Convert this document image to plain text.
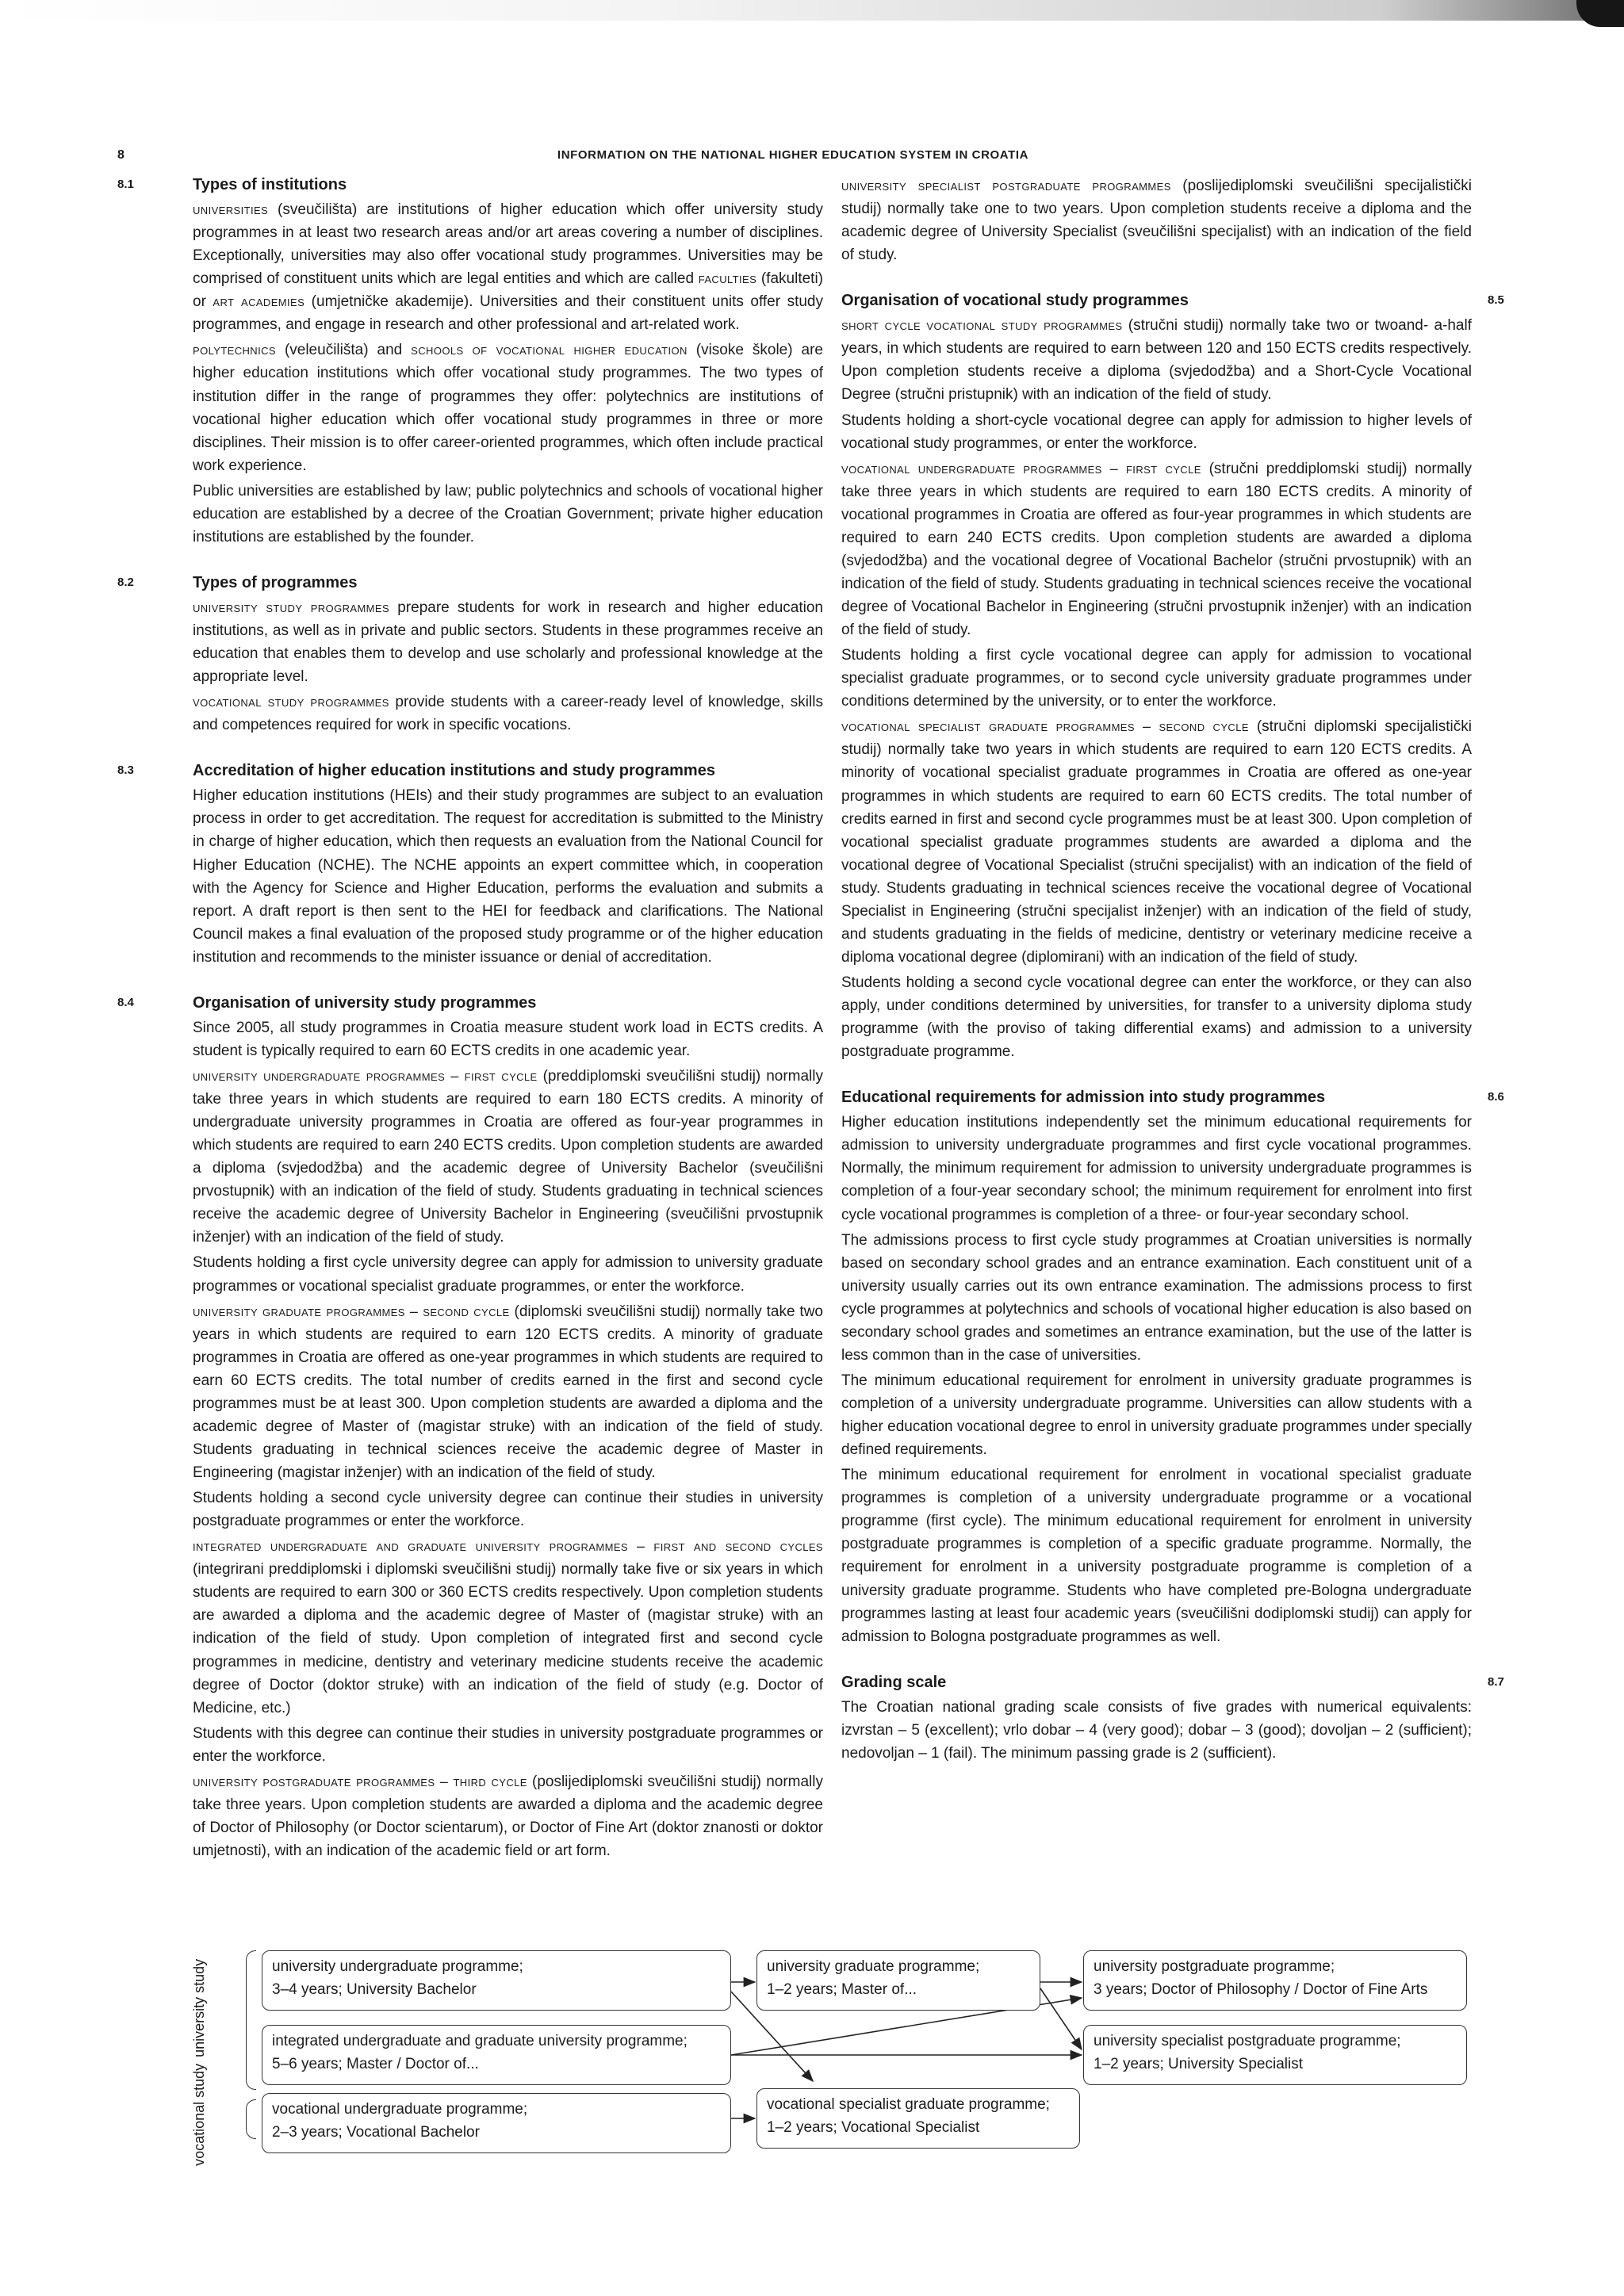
8	INFORMATION ON THE NATIONAL HIGHER EDUCATION SYSTEM IN CROATIA
8.1	Types of institutions

universities (sveučilišta) are institutions of higher education which offer university study programmes in at least two research areas and/or art areas covering a number of disciplines. Exceptionally, universities may also offer vocational study programmes. Universities may be comprised of constituent units which are legal entities and which are called faculties (fakulteti) or art academies (umjetničke akademije). Universities and their constituent units offer study programmes, and engage in research and other professional and art-related work.

polytechnics (veleučilišta) and schools of vocational higher education (visoke škole) are higher education institutions which offer vocational study programmes. The two types of institution differ in the range of programmes they offer: polytechnics are institutions of vocational higher education which offer vocational study programmes in three or more disciplines. Their mission is to offer career-oriented programmes, which often include practical work experience.

Public universities are established by law; public polytechnics and schools of vocational higher education are established by a decree of the Croatian Government; private higher education institutions are established by the founder.

8.2	Types of programmes

university study programmes prepare students for work in research and higher education institutions, as well as in private and public sectors. Students in these programmes receive an education that enables them to develop and use scholarly and professional knowledge at the appropriate level.

vocational study programmes provide students with a career-ready level of knowledge, skills and competences required for work in specific vocations.

8.3	Accreditation of higher education institutions and study programmes

Higher education institutions (HEIs) and their study programmes are subject to an evaluation process in order to get accreditation. The request for accreditation is submitted to the Ministry in charge of higher education, which then requests an evaluation from the National Council for Higher Education (NCHE). The NCHE appoints an expert committee which, in cooperation with the Agency for Science and Higher Education, performs the evaluation and submits a report. A draft report is then sent to the HEI for feedback and clarifications. The National Council makes a final evaluation of the proposed study programme or of the higher education institution and recommends to the minister issuance or denial of accreditation.

8.4	Organisation of university study programmes

Since 2005, all study programmes in Croatia measure student work load in ECTS credits. A student is typically required to earn 60 ECTS credits in one academic year.

university undergraduate programmes – first cycle (preddiplomski sveučilišni studij) normally take three years in which students are required to earn 180 ECTS credits. A minority of undergraduate university programmes in Croatia are offered as four-year programmes in which students are required to earn 240 ECTS credits. Upon completion students are awarded a diploma (svjedodžba) and the academic degree of University Bachelor (sveučilišni prvostupnik) with an indication of the field of study. Students graduating in technical sciences receive the academic degree of University Bachelor in Engineering (sveučilišni prvostupnik inženjer) with an indication of the field of study.

Students holding a first cycle university degree can apply for admission to university graduate programmes or vocational specialist graduate programmes, or enter the workforce.

university graduate programmes – second cycle (diplomski sveučilišni studij) normally take two years in which students are required to earn 120 ECTS credits. A minority of graduate programmes in Croatia are offered as one-year programmes in which students are required to earn 60 ECTS credits. The total number of credits earned in the first and second cycle programmes must be at least 300. Upon completion students are awarded a diploma and the academic degree of Master of (magistar struke) with an indication of the field of study. Students graduating in technical sciences receive the academic degree of Master in Engineering (magistar inženjer) with an indication of the field of study.

Students holding a second cycle university degree can continue their studies in university postgraduate programmes or enter the workforce.

integrated undergraduate and graduate university programmes – first and second cycles (integrirani preddiplomski i diplomski sveučilišni studij) normally take five or six years in which students are required to earn 300 or 360 ECTS credits respectively. Upon completion students are awarded a diploma and the academic degree of Master of (magistar struke) with an indication of the field of study. Upon completion of integrated first and second cycle programmes in medicine, dentistry and veterinary medicine students receive the academic degree of Doctor (doktor struke) with an indication of the field of study (e.g. Doctor of Medicine, etc.)

Students with this degree can continue their studies in university postgraduate programmes or enter the workforce.

university postgraduate programmes – third cycle (poslijediplomski sveučilišni studij) normally take three years. Upon completion students are awarded a diploma and the academic degree of Doctor of Philosophy (or Doctor scientarum), or Doctor of Fine Art (doktor znanosti or doktor umjetnosti), with an indication of the academic field or art form.

university specialist postgraduate programmes (poslijediplomski sveučilišni specijalistički studij) normally take one to two years. Upon completion students receive a diploma and the academic degree of University Specialist (sveučilišni specijalist) with an indication of the field of study.

8.5
Organisation of vocational study programmes

short cycle vocational study programmes (stručni studij) normally take two or twoand- a-half years, in which students are required to earn between 120 and 150 ECTS credits respectively. Upon completion students receive a diploma (svjedodžba) and a Short-Cycle Vocational Degree (stručni pristupnik) with an indication of the field of study.

Students holding a short-cycle vocational degree can apply for admission to higher levels of vocational study programmes, or enter the workforce.

vocational undergraduate programmes – first cycle (stručni preddiplomski studij) normally take three years in which students are required to earn 180 ECTS credits. A minority of vocational programmes in Croatia are offered as four-year programmes in which students are required to earn 240 ECTS credits. Upon completion students are awarded a diploma (svjedodžba) and the vocational degree of Vocational Bachelor (stručni prvostupnik) with an indication of the field of study. Students graduating in technical sciences receive the vocational degree of Vocational Bachelor in Engineering (stručni prvostupnik inženjer) with an indication of the field of study.

Students holding a first cycle vocational degree can apply for admission to vocational specialist graduate programmes, or to second cycle university graduate programmes under conditions determined by the university, or to enter the workforce.

vocational specialist graduate programmes – second cycle (stručni diplomski specijalistički studij) normally take two years in which students are required to earn 120 ECTS credits. A minority of vocational specialist graduate programmes in Croatia are offered as one-year programmes in which students are required to earn 60 ECTS credits. The total number of credits earned in first and second cycle programmes must be at least 300. Upon completion of vocational specialist graduate programmes students are awarded a diploma and the vocational degree of Vocational Specialist (stručni specijalist) with an indication of the field of study. Students graduating in technical sciences receive the vocational degree of Vocational Specialist in Engineering (stručni specijalist inženjer) with an indication of the field of study, and students graduating in the fields of medicine, dentistry or veterinary medicine receive a diploma vocational degree (diplomirani) with an indication of the field of study.

Students holding a second cycle vocational degree can enter the workforce, or they can also apply, under conditions determined by universities, for transfer to a university diploma study programme (with the proviso of taking differential exams) and admission to a university postgraduate programme.

8.6
Educational requirements for admission into study programmes

Higher education institutions independently set the minimum educational requirements for admission to university undergraduate programmes and first cycle vocational programmes. Normally, the minimum requirement for admission to university undergraduate programmes is completion of a four-year secondary school; the minimum requirement for enrolment into first cycle vocational programmes is completion of a three- or four-year secondary school.

The admissions process to first cycle study programmes at Croatian universities is normally based on secondary school grades and an entrance examination. Each constituent unit of a university usually carries out its own entrance examination. The admissions process to first cycle programmes at polytechnics and schools of vocational higher education is also based on secondary school grades and sometimes an entrance examination, but the use of the latter is less common than in the case of universities.

The minimum educational requirement for enrolment in university graduate programmes is completion of a university undergraduate programme. Universities can allow students with a higher education vocational degree to enrol in university graduate programmes under specially defined requirements.

The minimum educational requirement for enrolment in vocational specialist graduate programmes is completion of a university undergraduate programme or a vocational programme (first cycle). The minimum educational requirement for enrolment in university postgraduate programmes is completion of a specific graduate programme. Normally, the requirement for enrolment in a university postgraduate programme is completion of a university graduate programme. Students who have completed pre-Bologna undergraduate programmes lasting at least four academic years (sveučilišni dodiplomski studij) can apply for admission to Bologna postgraduate programmes as well.

8.7
Grading scale

The Croatian national grading scale consists of five grades with numerical equivalents: izvrstan – 5 (excellent); vrlo dobar – 4 (very good); dobar – 3 (good); dovoljan – 2 (sufficient); nedovoljan – 1 (fail). The minimum passing grade is 2 (sufficient).

university study
vocational study
university undergraduate programme;
3–4 years; University Bachelor
integrated undergraduate and graduate university programme;
5–6 years; Master / Doctor of...
university graduate programme;
1–2 years; Master of...
university postgraduate programme;
3 years; Doctor of Philosophy / Doctor of Fine Arts
university specialist postgraduate programme;
1–2 years; University Specialist
vocational undergraduate programme;
2–3 years; Vocational Bachelor
vocational specialist graduate programme;
1–2 years; Vocational Specialist
